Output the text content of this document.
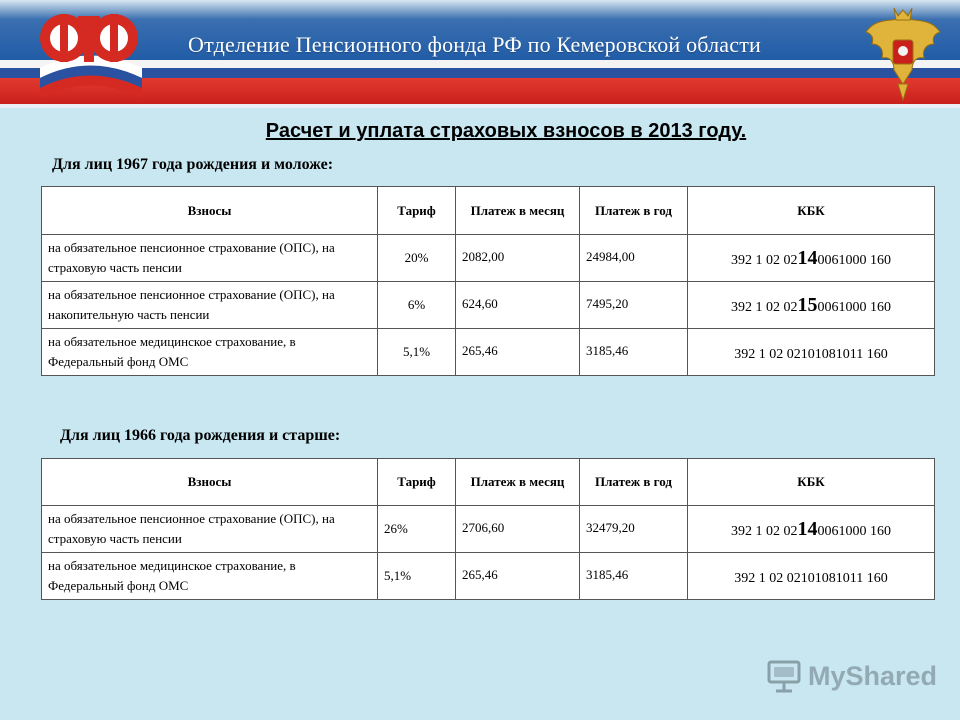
Отделение Пенсионного фонда РФ по Кемеровской области
Расчет и уплата страховых взносов в 2013 году.
Для лиц 1967 года рождения и моложе:
Взносы	Тариф	Платеж в месяц	Платеж в год	КБК
на обязательное пенсионное страхование (ОПС), на страховую часть пенсии	20%	2082,00	24984,00	392 1 02 02140061000 160
на обязательное пенсионное страхование (ОПС), на накопительную часть пенсии	6%	624,60	7495,20	392 1 02 02150061000 160
на обязательное медицинское страхование, в Федеральный фонд ОМС	5,1%	265,46	3185,46	392 1 02 02101081011 160
Для лиц 1966 года рождения и старше:
Взносы	Тариф	Платеж в месяц	Платеж в год	КБК
на обязательное пенсионное страхование (ОПС), на страховую часть пенсии	26%	2706,60	32479,20	392 1 02 02140061000 160
на обязательное медицинское страхование, в Федеральный фонд ОМС	5,1%	265,46	3185,46	392 1 02 02101081011 160
MyShared
